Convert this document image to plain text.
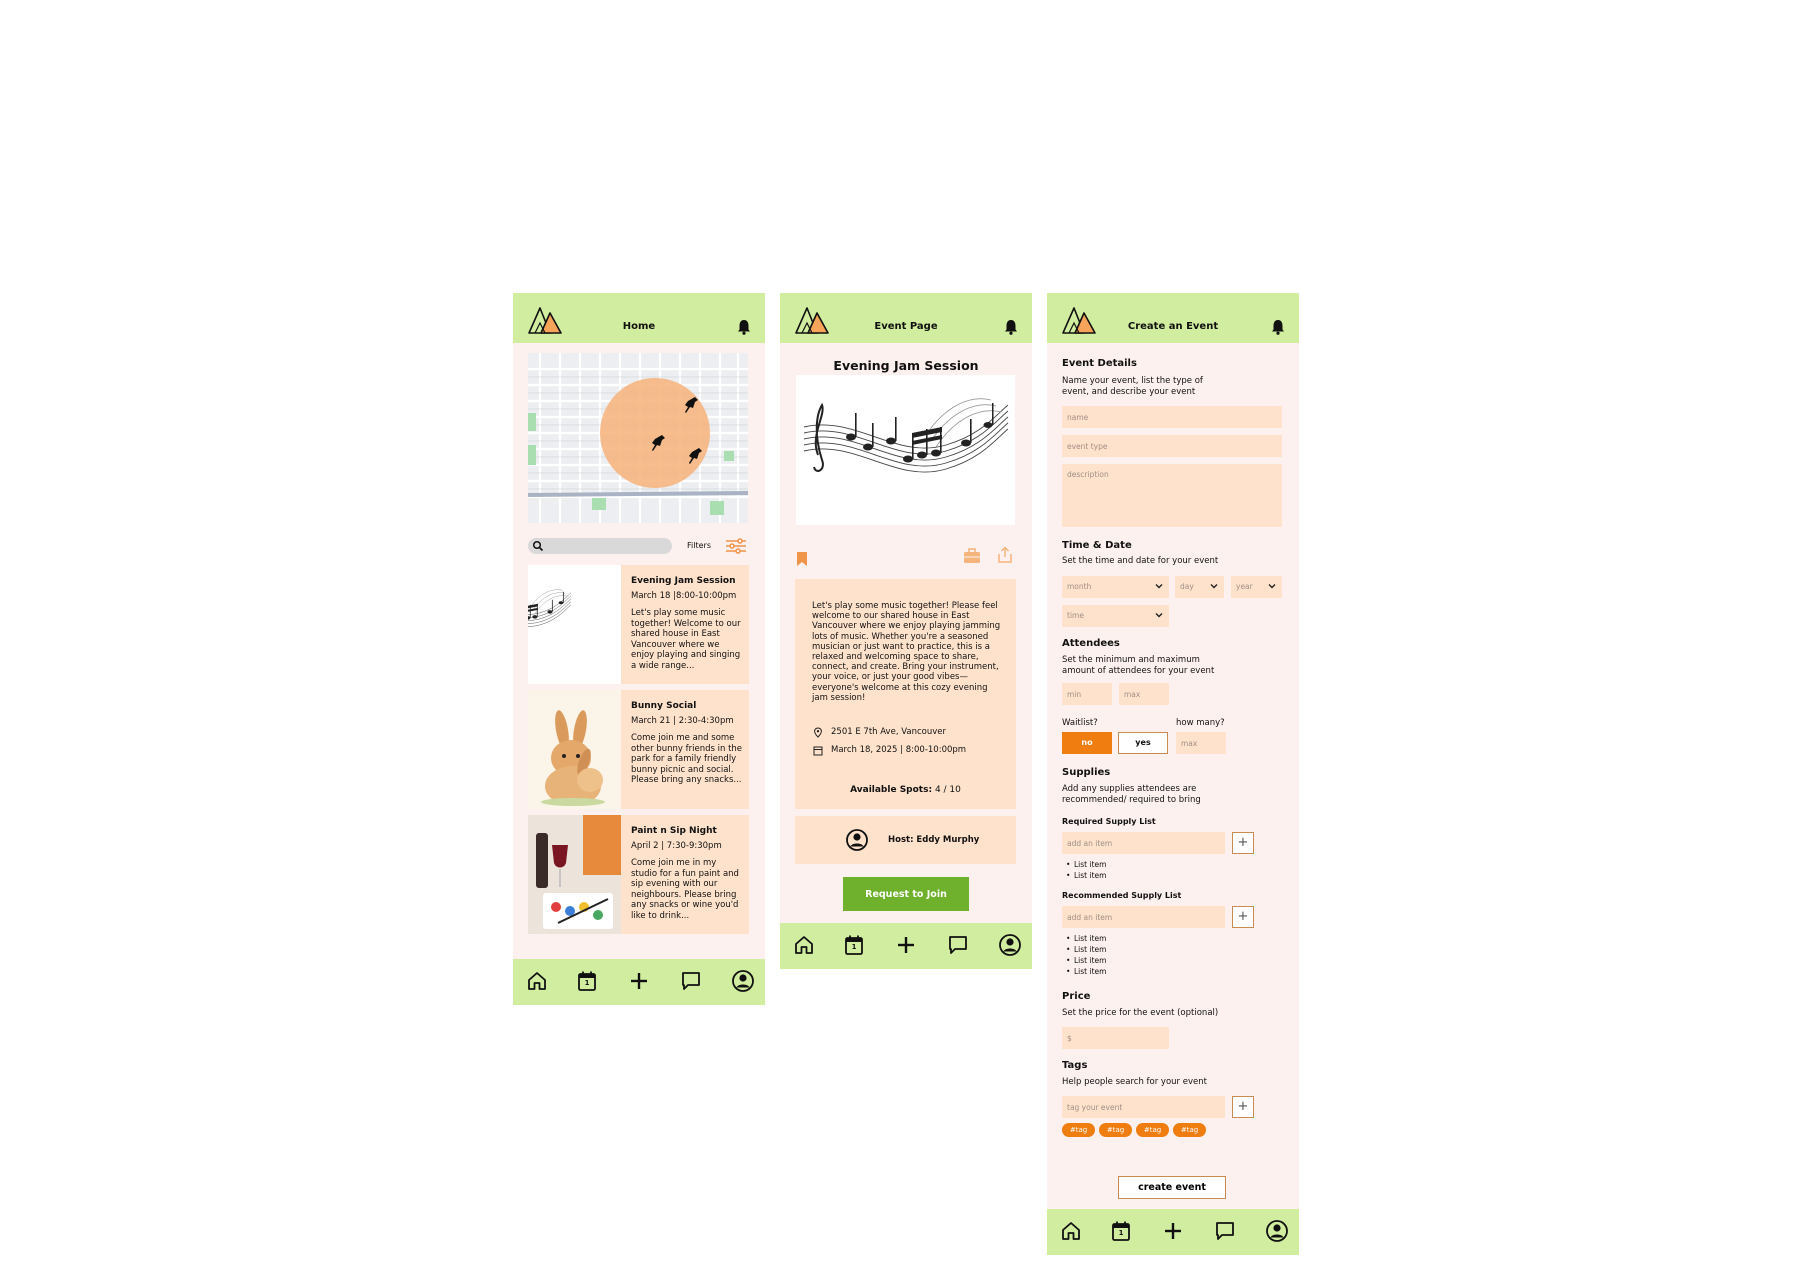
Home
Filters
Evening Jam Session
March 18 |8:00-10:00pm
Let's play some music together! Welcome to our shared house in East Vancouver where we enjoy playing and singing a wide range...
Bunny Social
March 21 | 2:30-4:30pm
Come join me and some other bunny friends in the park for a family friendly bunny picnic and social. Please bring any snacks...
Paint n Sip Night
April 2 | 7:30-9:30pm
Come join me in my studio for a fun paint and sip evening with our neighbours. Please bring any snacks or wine you'd like to drink...
1
Event Page
Evening Jam Session
Let's play some music together! Please feel welcome to our shared house in East Vancouver where we enjoy playing jamming lots of music. Whether you're a seasoned musician or just want to practice, this is a relaxed and welcoming space to share, connect, and create. Bring your instrument, your voice, or just your good vibes—everyone's welcome at this cozy evening jam session!
2501 E 7th Ave, Vancouver
March 18, 2025 | 8:00-10:00pm
Available Spots: 4 / 10
Host: Eddy Murphy
Request to Join
1
Create an Event
Event Details
Name your event, list the type of event, and describe your event
name
event type
description
Time & Date
Set the time and date for your event
month	day	year
time
Attendees
Set the minimum and maximum amount of attendees for your event
min
max
Waitlist?	how many?
no	yes
max
Supplies
Add any supplies attendees are recommended/ required to bring
Required Supply List
add an item
+
• List item
• List item
Recommended Supply List
add an item
+
• List item
• List item
• List item
• List item
Price
Set the price for the event (optional)
$
Tags
Help people search for your event
tag your event
+
#tag	#tag	#tag	#tag
create event
1
